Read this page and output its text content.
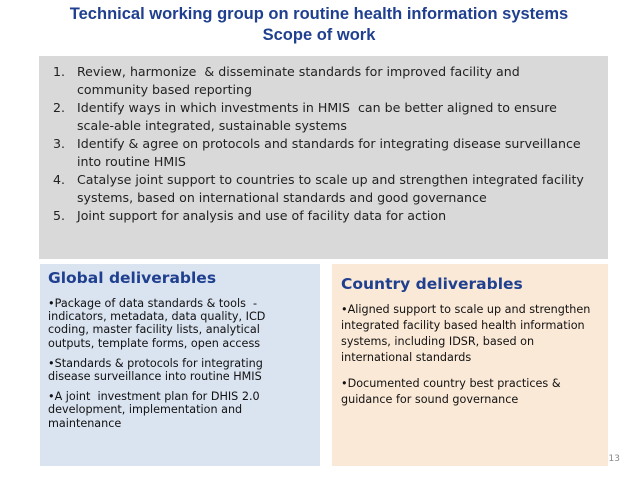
Technical working group on routine health information systems
Scope of work
1. Review, harmonize  & disseminate standards for improved facility and
community based reporting
2. Identify ways in which investments in HMIS  can be better aligned to ensure
scale-able integrated, sustainable systems
3. Identify & agree on protocols and standards for integrating disease surveillance
into routine HMIS
4. Catalyse joint support to countries to scale up and strengthen integrated facility
systems, based on international standards and good governance
5. Joint support for analysis and use of facility data for action
Global deliverables
•Package of data standards & tools  -
indicators, metadata, data quality, ICD
coding, master facility lists, analytical
outputs, template forms, open access
•Standards & protocols for integrating
disease surveillance into routine HMIS
•A joint  investment plan for DHIS 2.0
development, implementation and
maintenance
Country deliverables
•Aligned support to scale up and strengthen
integrated facility based health information
systems, including IDSR, based on
international standards
•Documented country best practices &
guidance for sound governance
13
